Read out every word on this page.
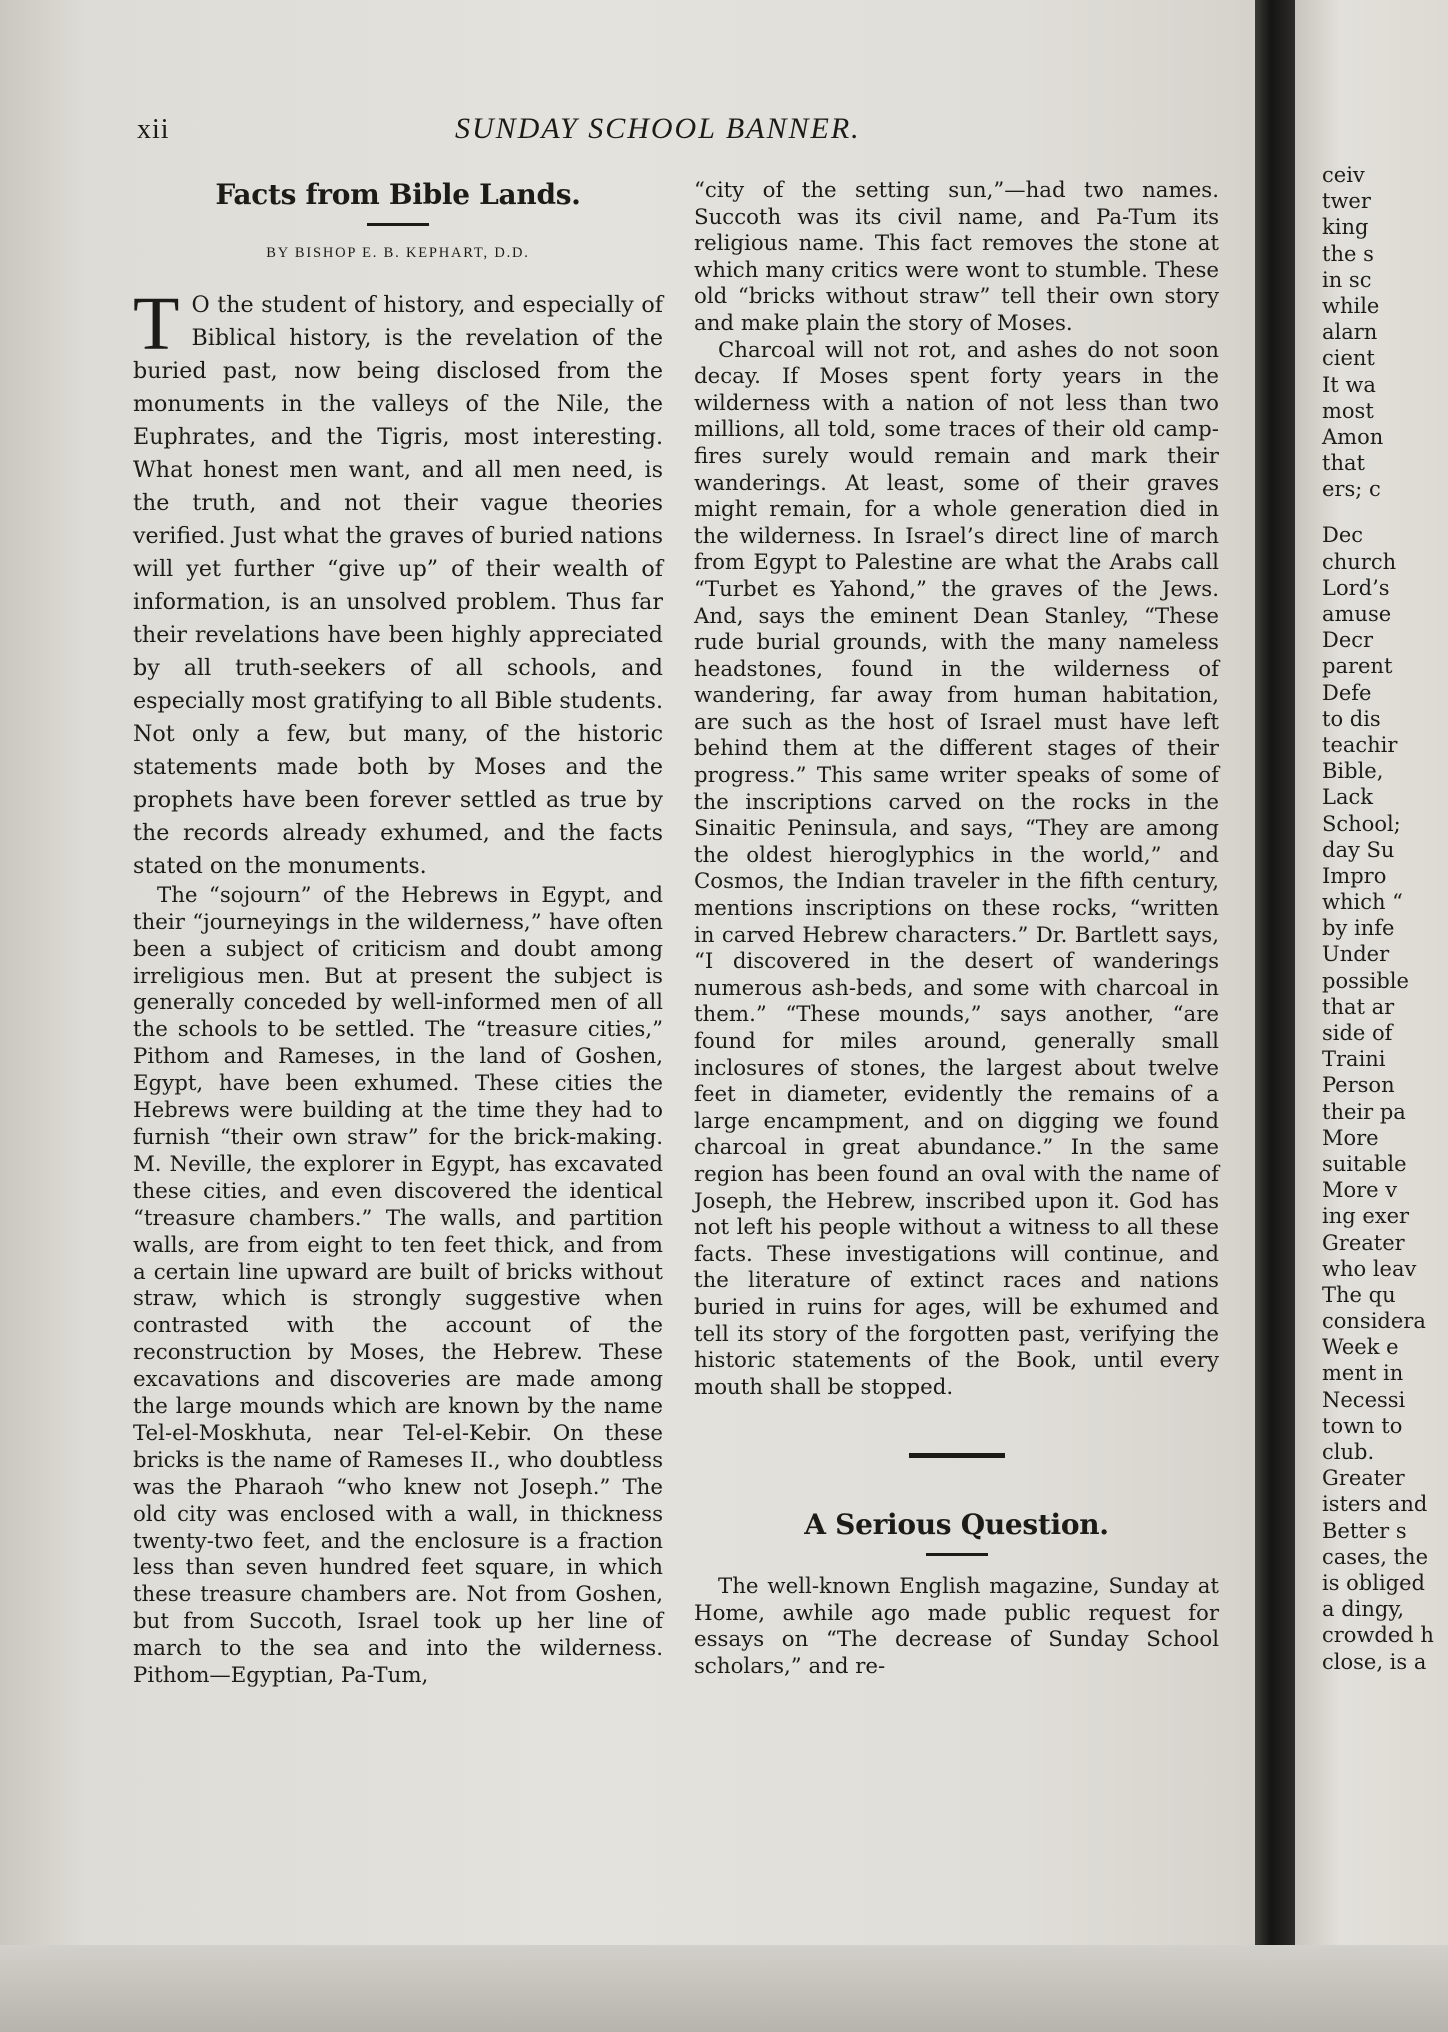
xii	SUNDAY SCHOOL BANNER.
Facts from Bible Lands.
BY BISHOP E. B. KEPHART, D.D.

T O the student of history, and especially of Biblical history, is the revelation of the buried past, now being disclosed from the monuments in the valleys of the Nile, the Euphrates, and the Tigris, most interesting. What honest men want, and all men need, is the truth, and not their vague theories verified. Just what the graves of buried nations will yet further “give up” of their wealth of information, is an unsolved problem. Thus far their revelations have been highly appreciated by all truth-seekers of all schools, and especially most gratifying to all Bible students. Not only a few, but many, of the historic statements made both by Moses and the prophets have been forever settled as true by the records already exhumed, and the facts stated on the monuments.

The “sojourn” of the Hebrews in Egypt, and their “journeyings in the wilderness,” have often been a subject of criticism and doubt among irreligious men. But at present the subject is generally conceded by well-informed men of all the schools to be settled. The “treasure cities,” Pithom and Rameses, in the land of Goshen, Egypt, have been exhumed. These cities the Hebrews were building at the time they had to furnish “their own straw” for the brick-making. M. Neville, the explorer in Egypt, has excavated these cities, and even discovered the identical “treasure chambers.” The walls, and partition walls, are from eight to ten feet thick, and from a certain line upward are built of bricks without straw, which is strongly suggestive when contrasted with the account of the reconstruction by Moses, the Hebrew. These excavations and discoveries are made among the large mounds which are known by the name Tel-el-Moskhuta, near Tel-el-Kebir. On these bricks is the name of Rameses II., who doubtless was the Pharaoh “who knew not Joseph.” The old city was enclosed with a wall, in thickness twenty-two feet, and the enclosure is a fraction less than seven hundred feet square, in which these treasure chambers are. Not from Goshen, but from Succoth, Israel took up her line of march to the sea and into the wilderness. Pithom—Egyptian, Pa-Tum,

“city of the setting sun,”—had two names. Succoth was its civil name, and Pa-Tum its religious name. This fact removes the stone at which many critics were wont to stumble. These old “bricks without straw” tell their own story and make plain the story of Moses.

Charcoal will not rot, and ashes do not soon decay. If Moses spent forty years in the wilderness with a nation of not less than two millions, all told, some traces of their old camp-fires surely would remain and mark their wanderings. At least, some of their graves might remain, for a whole generation died in the wilderness. In Israel’s direct line of march from Egypt to Palestine are what the Arabs call “Turbet es Yahond,” the graves of the Jews. And, says the eminent Dean Stanley, “These rude burial grounds, with the many nameless headstones, found in the wilderness of wandering, far away from human habitation, are such as the host of Israel must have left behind them at the different stages of their progress.” This same writer speaks of some of the inscriptions carved on the rocks in the Sinaitic Peninsula, and says, “They are among the oldest hieroglyphics in the world,” and Cosmos, the Indian traveler in the fifth century, mentions inscriptions on these rocks, “written in carved Hebrew characters.” Dr. Bartlett says, “I discovered in the desert of wanderings numerous ash-beds, and some with charcoal in them.” “These mounds,” says another, “are found for miles around, generally small inclosures of stones, the largest about twelve feet in diameter, evidently the remains of a large encampment, and on digging we found charcoal in great abundance.” In the same region has been found an oval with the name of Joseph, the Hebrew, inscribed upon it. God has not left his people without a witness to all these facts. These investigations will continue, and the literature of extinct races and nations buried in ruins for ages, will be exhumed and tell its story of the forgotten past, verifying the historic statements of the Book, until every mouth shall be stopped.

A Serious Question.

The well-known English magazine, Sunday at Home, awhile ago made public request for essays on “The decrease of Sunday School scholars,” and re-

ceiv
twer
king
the s
in sc
while
alarn
cient
It wa
most
Amon
that
ers; c
Dec
church
Lord’s
amuse
Decr
parent
Defe
to dis
teachir
Bible,
Lack
School;
day Su
Impro
which “
by infe
Under
possible
that ar
side of
Traini
Person
their pa
More
suitable
More v
ing exer
Greater
who leav
The qu
considera
Week e
ment in
Necessi
town to
club.
Greater
isters and
Better s
cases, the
is obliged
a dingy,
crowded h
close, is a
